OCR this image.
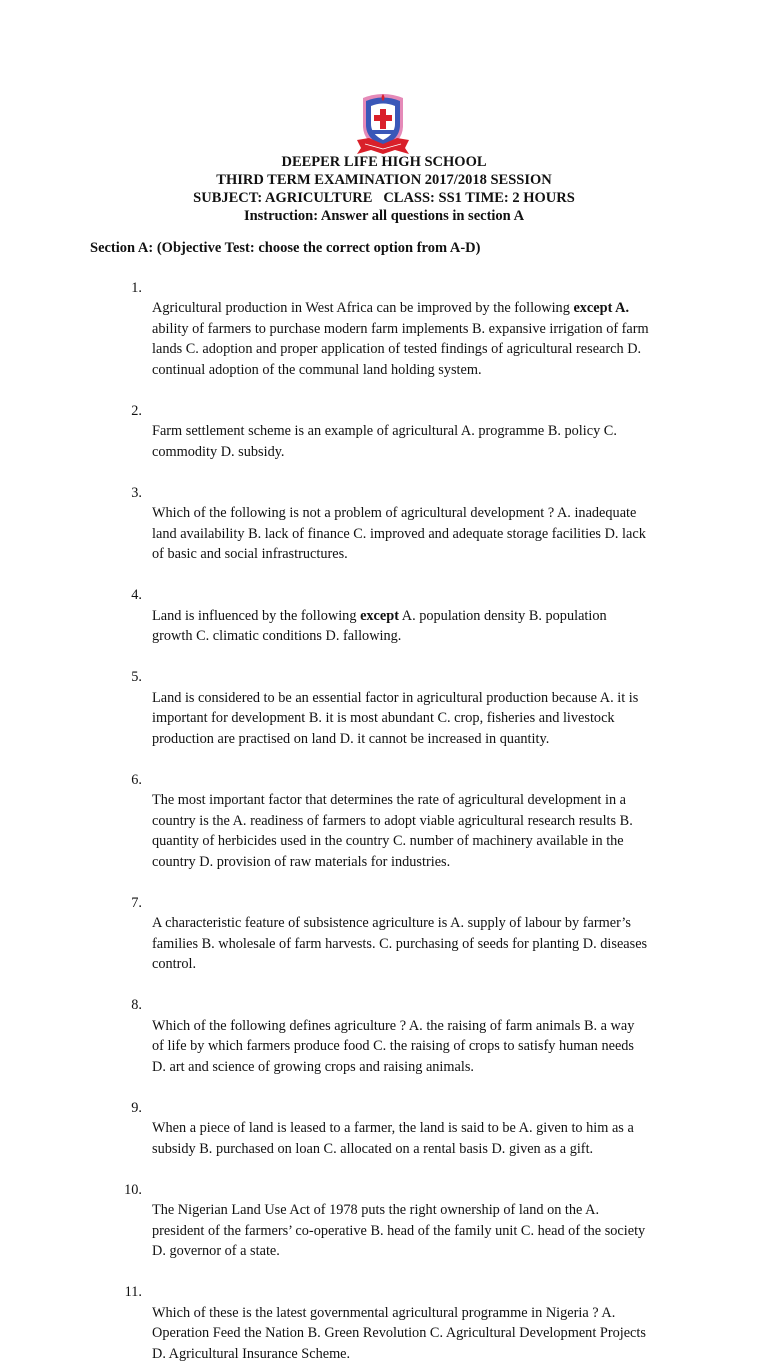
DEEPER LIFE HIGH SCHOOL
THIRD TERM EXAMINATION 2017/2018 SESSION
SUBJECT: AGRICULTURE   CLASS: SS1 TIME: 2 HOURS
Instruction: Answer all questions in section A
Section A: (Objective Test: choose the correct option from A-D)

1.

Agricultural production in West Africa can be improved by the following except A.
ability of farmers to purchase modern farm implements B. expansive irrigation of farm
lands C. adoption and proper application of tested findings of agricultural research D.
continual adoption of the communal land holding system.

2.

Farm settlement scheme is an example of agricultural A. programme B. policy C.
commodity D. subsidy.

3.

Which of the following is not a problem of agricultural development ? A. inadequate
land availability B. lack of finance C. improved and adequate storage facilities D. lack
of basic and social infrastructures.

4.

Land is influenced by the following except A. population density B. population
growth C. climatic conditions D. fallowing.

5.

Land is considered to be an essential factor in agricultural production because A. it is
important for development B. it is most abundant C. crop, fisheries and livestock
production are practised on land D. it cannot be increased in quantity.

6.

The most important factor that determines the rate of agricultural development in a
country is the A. readiness of farmers to adopt viable agricultural research results B.
quantity of herbicides used in the country C. number of machinery available in the
country D. provision of raw materials for industries.

7.

A characteristic feature of subsistence agriculture is A. supply of labour by farmer’s
families B. wholesale of farm harvests. C. purchasing of seeds for planting D. diseases
control.

8.

Which of the following defines agriculture ? A. the raising of farm animals B. a way
of life by which farmers produce food C. the raising of crops to satisfy human needs
D. art and science of growing crops and raising animals.

9.

When a piece of land is leased to a farmer, the land is said to be A. given to him as a
subsidy B. purchased on loan C. allocated on a rental basis D. given as a gift.

10.

The Nigerian Land Use Act of 1978 puts the right ownership of land on the A.
president of the farmers’ co-operative B. head of the family unit C. head of the society
D. governor of a state.

11.

Which of these is the latest governmental agricultural programme in Nigeria ? A.
Operation Feed the Nation B. Green Revolution C. Agricultural Development Projects
D. Agricultural Insurance Scheme.
